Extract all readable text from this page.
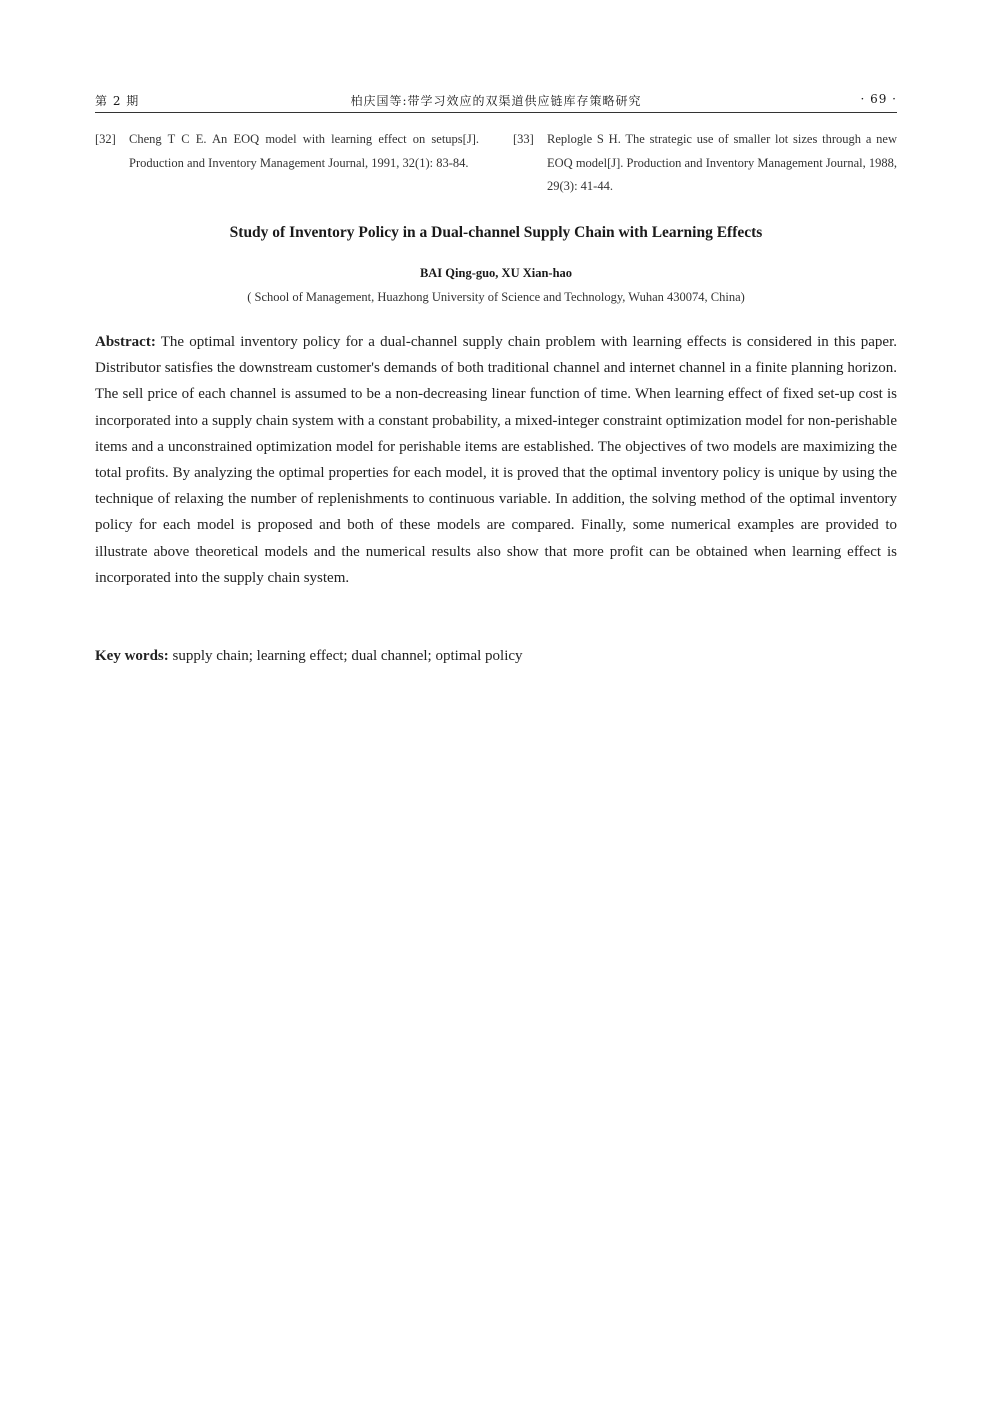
第 2 期	柏庆国等:带学习效应的双渠道供应链库存策略研究	· 69 ·
[32] Cheng T C E. An EOQ model with learning effect on setups[J]. Production and Inventory Management Journal, 1991, 32(1): 83-84.
[33] Replogle S H. The strategic use of smaller lot sizes through a new EOQ model[J]. Production and Inventory Management Journal, 1988, 29(3): 41-44.
Study of Inventory Policy in a Dual-channel Supply Chain with Learning Effects
BAI Qing-guo, XU Xian-hao
( School of Management, Huazhong University of Science and Technology, Wuhan 430074, China)
Abstract: The optimal inventory policy for a dual-channel supply chain problem with learning effects is considered in this paper. Distributor satisfies the downstream customer's demands of both traditional channel and internet channel in a finite planning horizon. The sell price of each channel is assumed to be a non-decreasing linear function of time. When learning effect of fixed set-up cost is incorporated into a supply chain system with a constant probability, a mixed-integer constraint optimization model for non-perishable items and a unconstrained optimization model for perishable items are established. The objectives of two models are maximizing the total profits. By analyzing the optimal properties for each model, it is proved that the optimal inventory policy is unique by using the technique of relaxing the number of replenishments to continuous variable. In addition, the solving method of the optimal inventory policy for each model is proposed and both of these models are compared. Finally, some numerical examples are provided to illustrate above theoretical models and the numerical results also show that more profit can be obtained when learning effect is incorporated into the supply chain system.
Key words: supply chain; learning effect; dual channel; optimal policy
